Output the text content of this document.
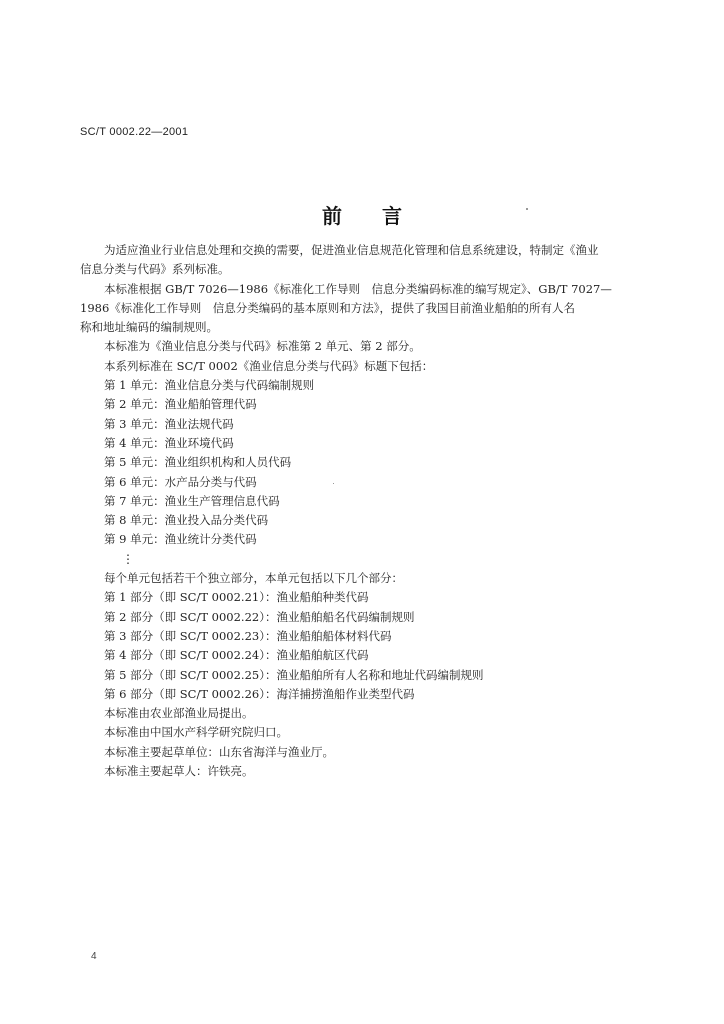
SC/T 0002.22—2001
前言
为适应渔业行业信息处理和交换的需要，促进渔业信息规范化管理和信息系统建设，特制定《渔业
信息分类与代码》系列标准。
本标准根据 GB/T 7026—1986《标准化工作导则　信息分类编码标准的编写规定》、GB/T 7027—
1986《标准化工作导则　信息分类编码的基本原则和方法》，提供了我国目前渔业船舶的所有人名
称和地址编码的编制规则。
本标准为《渔业信息分类与代码》标准第 2 单元、第 2 部分。
本系列标准在 SC/T 0002《渔业信息分类与代码》标题下包括：
第 1 单元：渔业信息分类与代码编制规则
第 2 单元：渔业船舶管理代码
第 3 单元：渔业法规代码
第 4 单元：渔业环境代码
第 5 单元：渔业组织机构和人员代码
第 6 单元：水产品分类与代码
第 7 单元：渔业生产管理信息代码
第 8 单元：渔业投入品分类代码
第 9 单元：渔业统计分类代码
⋮
每个单元包括若干个独立部分，本单元包括以下几个部分：
第 1 部分（即 SC/T 0002.21）：渔业船舶种类代码
第 2 部分（即 SC/T 0002.22）：渔业船舶船名代码编制规则
第 3 部分（即 SC/T 0002.23）：渔业船舶船体材料代码
第 4 部分（即 SC/T 0002.24）：渔业船舶航区代码
第 5 部分（即 SC/T 0002.25）：渔业船舶所有人名称和地址代码编制规则
第 6 部分（即 SC/T 0002.26）：海洋捕捞渔船作业类型代码
本标准由农业部渔业局提出。
本标准由中国水产科学研究院归口。
本标准主要起草单位：山东省海洋与渔业厅。
本标准主要起草人：许铁亮。
4
